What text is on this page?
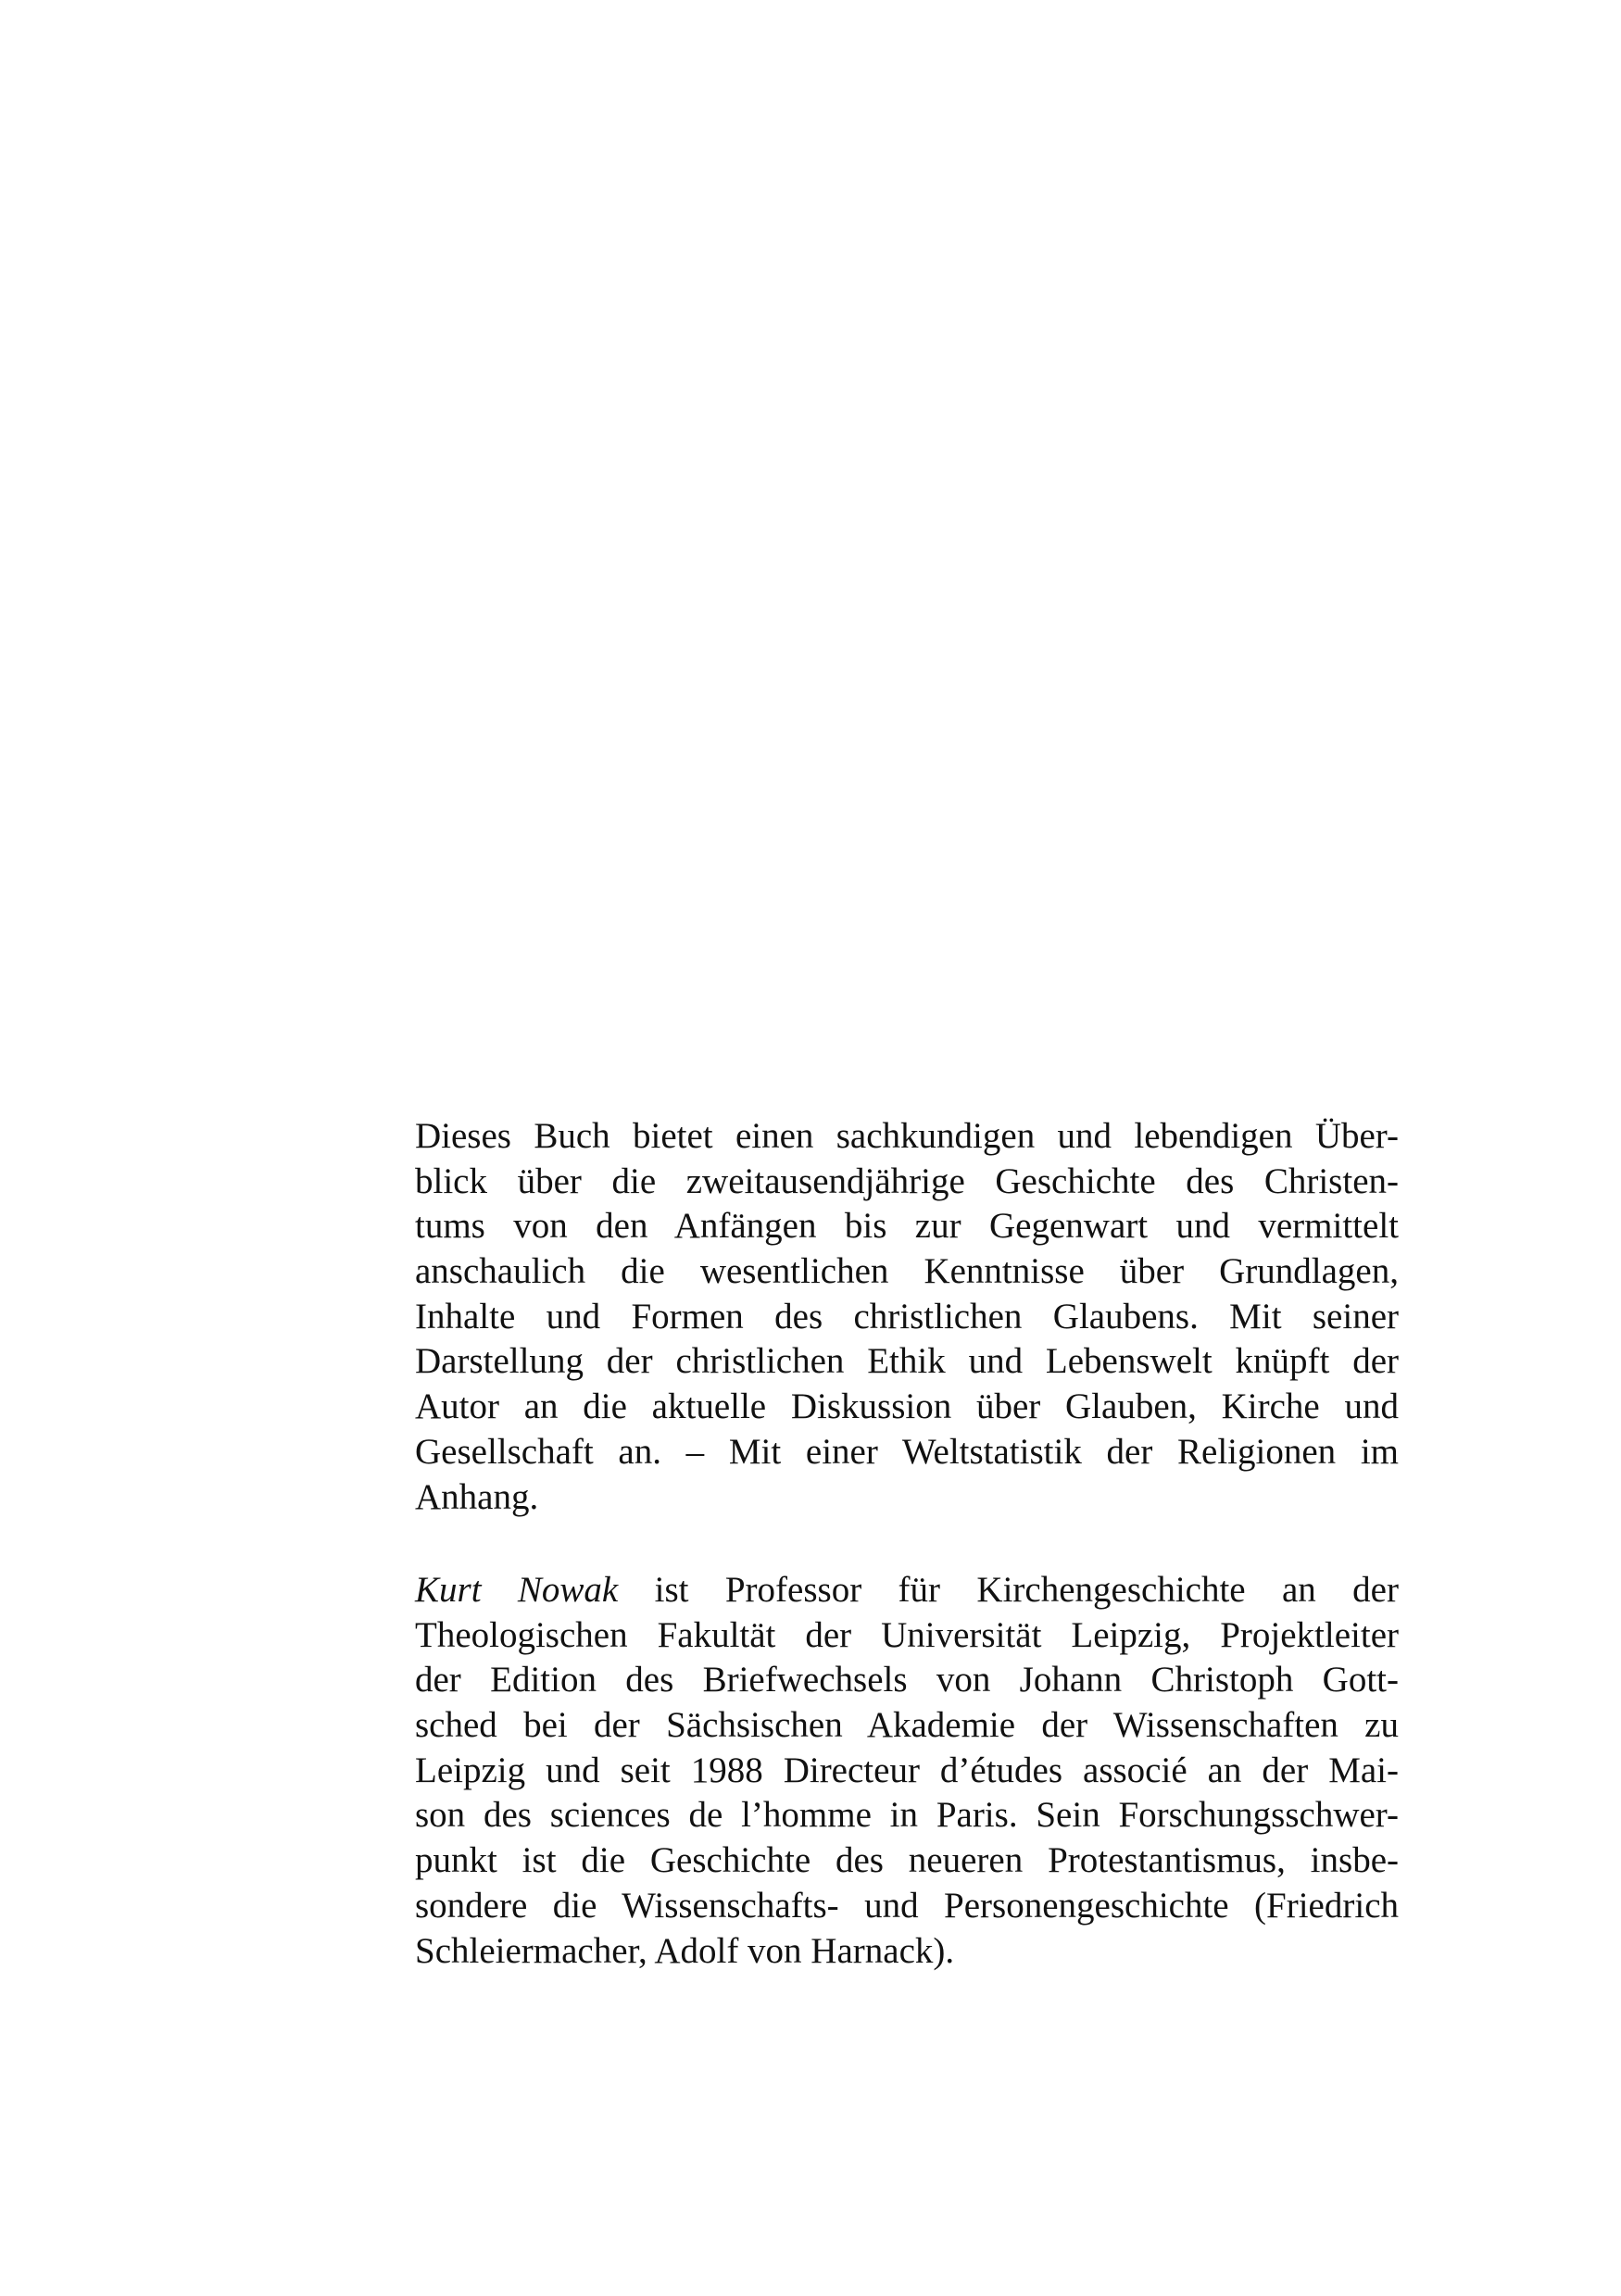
Dieses Buch bietet einen sachkundigen und lebendigen Über-
blick über die zweitausendjährige Geschichte des Christen-
tums von den Anfängen bis zur Gegenwart und vermittelt
anschaulich die wesentlichen Kenntnisse über Grundlagen,
Inhalte und Formen des christlichen Glaubens. Mit seiner
Darstellung der christlichen Ethik und Lebenswelt knüpft der
Autor an die aktuelle Diskussion über Glauben, Kirche und
Gesellschaft an. – Mit einer Weltstatistik der Religionen im
Anhang.
Kurt Nowak ist Professor für Kirchengeschichte an der
Theologischen Fakultät der Universität Leipzig, Projektleiter
der Edition des Briefwechsels von Johann Christoph Gott-
sched bei der Sächsischen Akademie der Wissenschaften zu
Leipzig und seit 1988 Directeur d’études associé an der Mai-
son des sciences de l’homme in Paris. Sein Forschungsschwer-
punkt ist die Geschichte des neueren Protestantismus, insbe-
sondere die Wissenschafts- und Personengeschichte (Friedrich
Schleiermacher, Adolf von Harnack).
